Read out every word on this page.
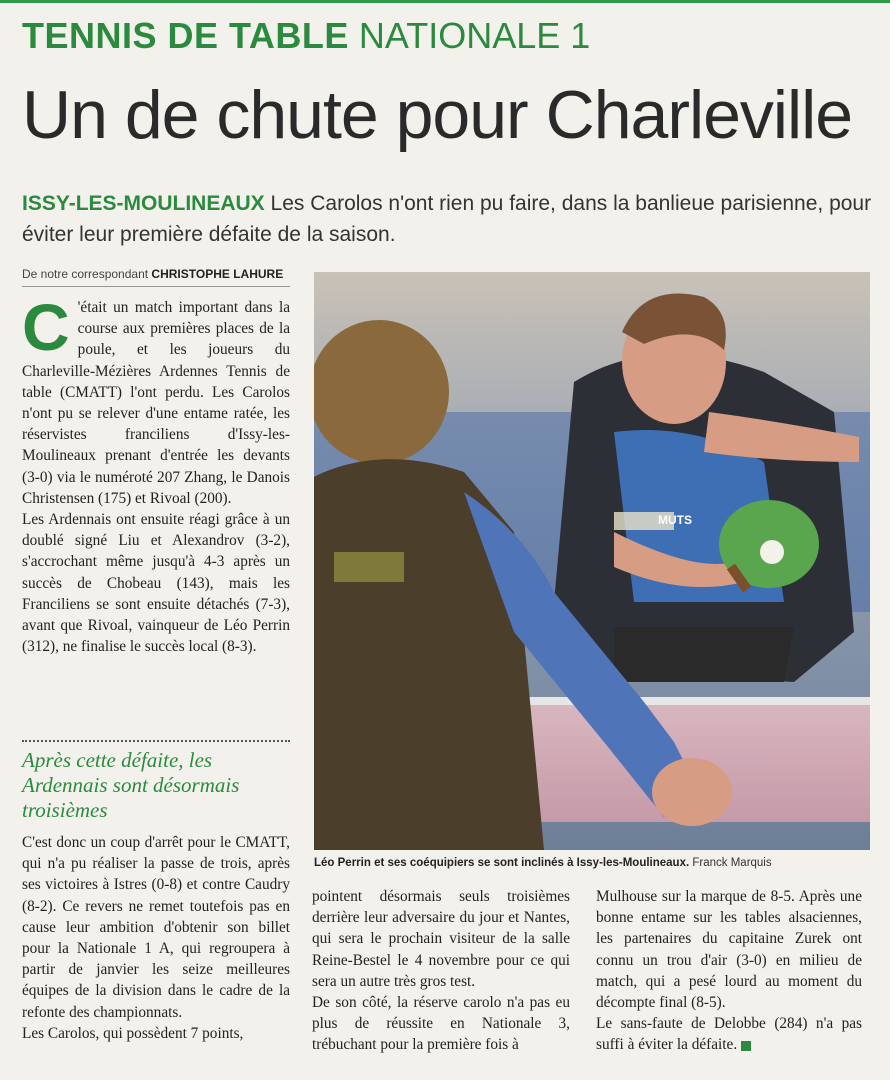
TENNIS DE TABLE NATIONALE 1
Un de chute pour Charleville
ISSY-LES-MOULINEAUX Les Carolos n'ont rien pu faire, dans la banlieue parisienne, pour éviter leur première défaite de la saison.
De notre correspondant CHRISTOPHE LAHURE
C 'était un match important dans la course aux premières places de la poule, et les joueurs du Charleville-Mézières Ardennes Tennis de table (CMATT) l'ont perdu. Les Carolos n'ont pu se relever d'une entame ratée, les réservistes franciliens d'Issy-les-Moulineaux prenant d'entrée les devants (3-0) via le numéroté 207 Zhang, le Danois Christensen (175) et Rivoal (200).

Les Ardennais ont ensuite réagi grâce à un doublé signé Liu et Alexandrov (3-2), s'accrochant même jusqu'à 4-3 après un succès de Chobeau (143), mais les Franciliens se sont ensuite détachés (7-3), avant que Rivoal, vainqueur de Léo Perrin (312), ne finalise le succès local (8-3).

Après cette défaite, les Ardennais sont désormais troisièmes

C'est donc un coup d'arrêt pour le CMATT, qui n'a pu réaliser la passe de trois, après ses victoires à Istres (0-8) et contre Caudry (8-2). Ce revers ne remet toutefois pas en cause leur ambition d'obtenir son billet pour la Nationale 1 A, qui regroupera à partir de janvier les seize meilleures équipes de la division dans le cadre de la refonte des championnats.

Les Carolos, qui possèdent 7 points,

MUTS
Léo Perrin et ses coéquipiers se sont inclinés à Issy-les-Moulineaux. Franck Marquis

pointent désormais seuls troisièmes derrière leur adversaire du jour et Nantes, qui sera le prochain visiteur de la salle Reine-Bestel le 4 novembre pour ce qui sera un autre très gros test.

De son côté, la réserve carolo n'a pas eu plus de réussite en Nationale 3, trébuchant pour la première fois à

Mulhouse sur la marque de 8-5. Après une bonne entame sur les tables alsaciennes, les partenaires du capitaine Zurek ont connu un trou d'air (3-0) en milieu de match, qui a pesé lourd au moment du décompte final (8-5).

Le sans-faute de Delobbe (284) n'a pas suffi à éviter la défaite.
